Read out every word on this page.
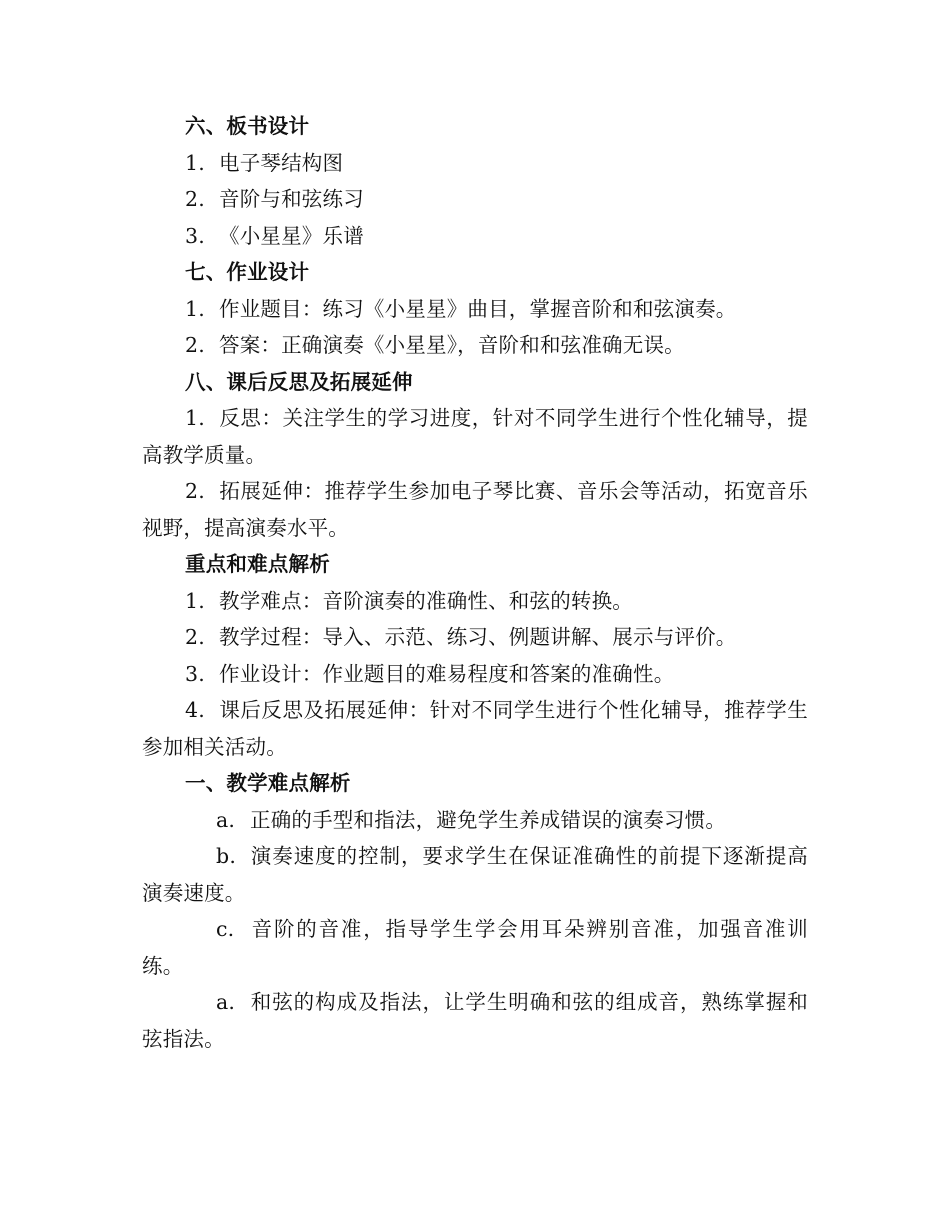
六、板书设计

1. 电子琴结构图

2. 音阶与和弦练习

3. 《小星星》乐谱

七、作业设计

1. 作业题目：练习《小星星》曲目，掌握音阶和和弦演奏。

2. 答案：正确演奏《小星星》，音阶和和弦准确无误。

八、课后反思及拓展延伸

1. 反思：关注学生的学习进度，针对不同学生进行个性化辅导，提高教学质量。

2. 拓展延伸：推荐学生参加电子琴比赛、音乐会等活动，拓宽音乐视野，提高演奏水平。

重点和难点解析

1. 教学难点：音阶演奏的准确性、和弦的转换。

2. 教学过程：导入、示范、练习、例题讲解、展示与评价。

3. 作业设计：作业题目的难易程度和答案的准确性。

4. 课后反思及拓展延伸：针对不同学生进行个性化辅导，推荐学生参加相关活动。

一、教学难点解析

a. 正确的手型和指法，避免学生养成错误的演奏习惯。

b. 演奏速度的控制，要求学生在保证准确性的前提下逐渐提高演奏速度。

c. 音阶的音准，指导学生学会用耳朵辨别音准，加强音准训练。

a. 和弦的构成及指法，让学生明确和弦的组成音，熟练掌握和弦指法。
